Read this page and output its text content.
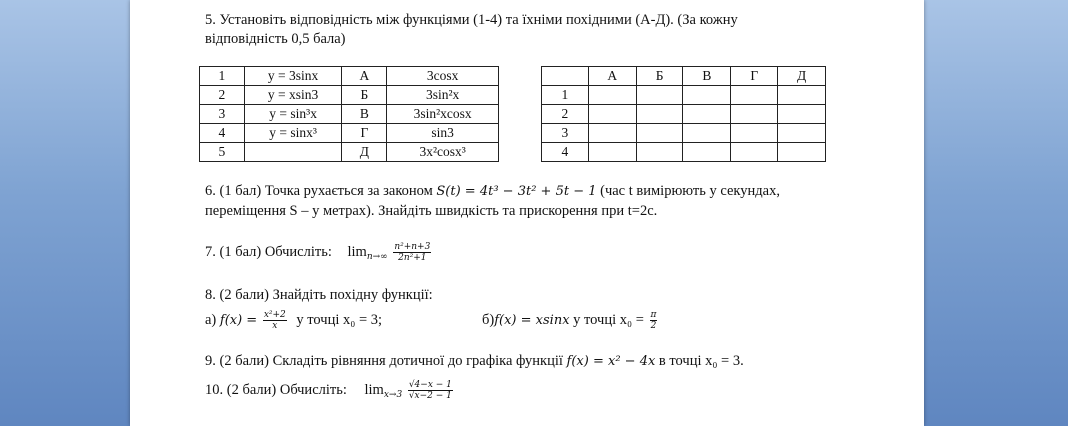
5. Установіть відповідність між функціями (1-4) та їхніми похідними (А-Д). (За кожну
відповідність 0,5 бала)
1	y = 3sinx	А	3cosx
2	y = xsin3	Б	3sin²x
3	y = sin³x	В	3sin²xcosx
4	y = sinx³	Г	sin3
5		Д	3x²cosx³
	А	Б	В	Г	Д
1					
2					
3					
4					
6. (1 бал) Точка рухається за законом S(t) = 4t³ − 3t² + 5t − 1 (час t вимірюють у секундах,
переміщення S – у метрах). Знайдіть швидкість та прискорення при t=2с.
7. (1 бал) Обчисліть: $\lim_{n\to\infty} \frac{\text{n²+n+3}}{\text{2n²+1}}$
8. (2 бали) Знайдіть похідну функції:
а) $f(x) = \frac{\text{x²+2}}{x}$ у точці x₀ = 3;	б)f(x) = xsinx у точці $x_0 = \frac{\pi}{2}$
9. (2 бали) Складіть рівняння дотичної до графіка функції f(x) = x² − 4x в точці x₀ = 3.
10. (2 бали) Обчисліть: $\lim_{x\to 3} \frac{√4-x - 1}{√x-2 - 1}$
